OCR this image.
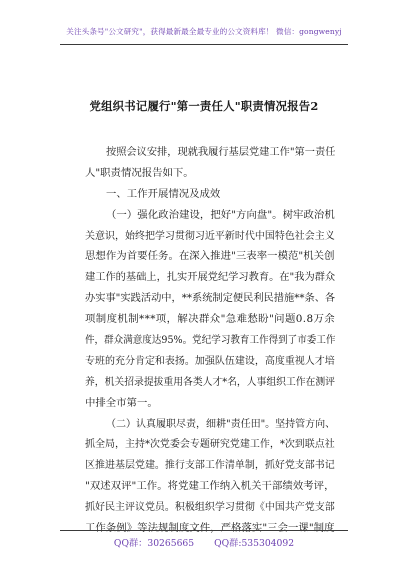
关注头条号"公文研究"，获得最新最全最专业的公文资料库！ 微信：gongwenyj
党组织书记履行"第一责任人"职责情况报告2
按照会议安排，现就我履行基层党建工作"第一责任
人"职责情况报告如下。
一、工作开展情况及成效
（一）强化政治建设，把好"方向盘"。树牢政治机
关意识，始终把学习贯彻习近平新时代中国特色社会主义
思想作为首要任务。在深入推进"三表率一模范"机关创
建工作的基础上，扎实开展党纪学习教育。在"我为群众
办实事"实践活动中，**系统制定便民利民措施**条、各
项制度机制***项，解决群众"急难愁盼"问题0.8万余
件，群众满意度达95%。党纪学习教育工作得到了市委工作
专班的充分肯定和表扬。加强队伍建设，高度重视人才培
养，机关招录提拔重用各类人才*名，人事组织工作在测评
中排全市第一。
（二）认真履职尽责，细耕"责任田"。坚持管方向、
抓全局，主持*次党委会专题研究党建工作，*次到联点社
区推进基层党建。推行支部工作清单制，抓好党支部书记
"双述双评"工作。将党建工作纳入机关干部绩效考评，
抓好民主评议党员。积极组织学习贯彻《中国共产党支部
工作条例》等法规制度文件，严格落实"三会一课"制度
QQ群：30265665 QQ群:535304092
